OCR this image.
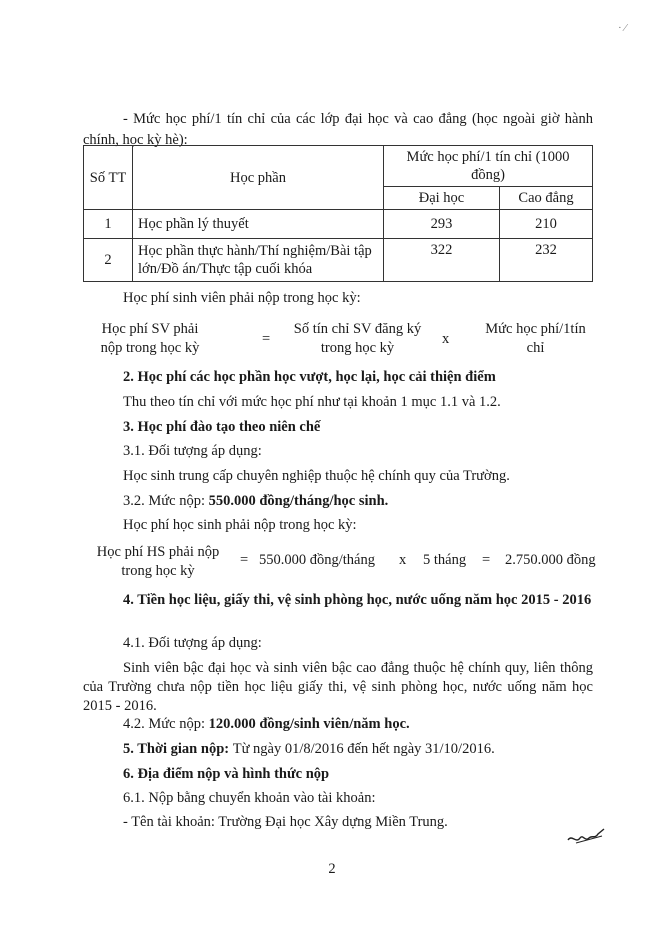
· ⁄
- Mức học phí/1 tín chỉ của các lớp đại học và cao đẳng (học ngoài giờ hành chính, học kỳ hè):
Số TT	Học phần	Mức học phí/1 tín chỉ (1000 đồng)	
		Đại học	Cao đẳng
1	Học phần lý thuyết	293	210
2	Học phần thực hành/Thí nghiệm/Bài tập lớn/Đồ án/Thực tập cuối khóa	322	232
Học phí sinh viên phải nộp trong học kỳ:
Học phí SV phải nộp trong học kỳ
=
Số tín chỉ SV đăng ký trong học kỳ
x
Mức học phí/1tín chỉ
2. Học phí các học phần học vượt, học lại, học cải thiện điểm
Thu theo tín chỉ với mức học phí như tại khoản 1 mục 1.1 và 1.2.
3. Học phí đào tạo theo niên chế
3.1. Đối tượng áp dụng:
Học sinh trung cấp chuyên nghiệp thuộc hệ chính quy của Trường.
3.2. Mức nộp: 550.000 đồng/tháng/học sinh.
Học phí học sinh phải nộp trong học kỳ:
Học phí HS phải nộp trong học kỳ
= 550.000 đồng/tháng x 5 tháng = 2.750.000 đồng
4. Tiền học liệu, giấy thi, vệ sinh phòng học, nước uống năm học 2015 - 2016
4.1. Đối tượng áp dụng:
Sinh viên bậc đại học và sinh viên bậc cao đẳng thuộc hệ chính quy, liên thông của Trường chưa nộp tiền học liệu giấy thi, vệ sinh phòng học, nước uống năm học 2015 - 2016.
4.2. Mức nộp: 120.000 đồng/sinh viên/năm học.
5. Thời gian nộp: Từ ngày 01/8/2016 đến hết ngày 31/10/2016.
6. Địa điểm nộp và hình thức nộp
6.1. Nộp bằng chuyển khoản vào tài khoản:
- Tên tài khoản: Trường Đại học Xây dựng Miền Trung.
2
